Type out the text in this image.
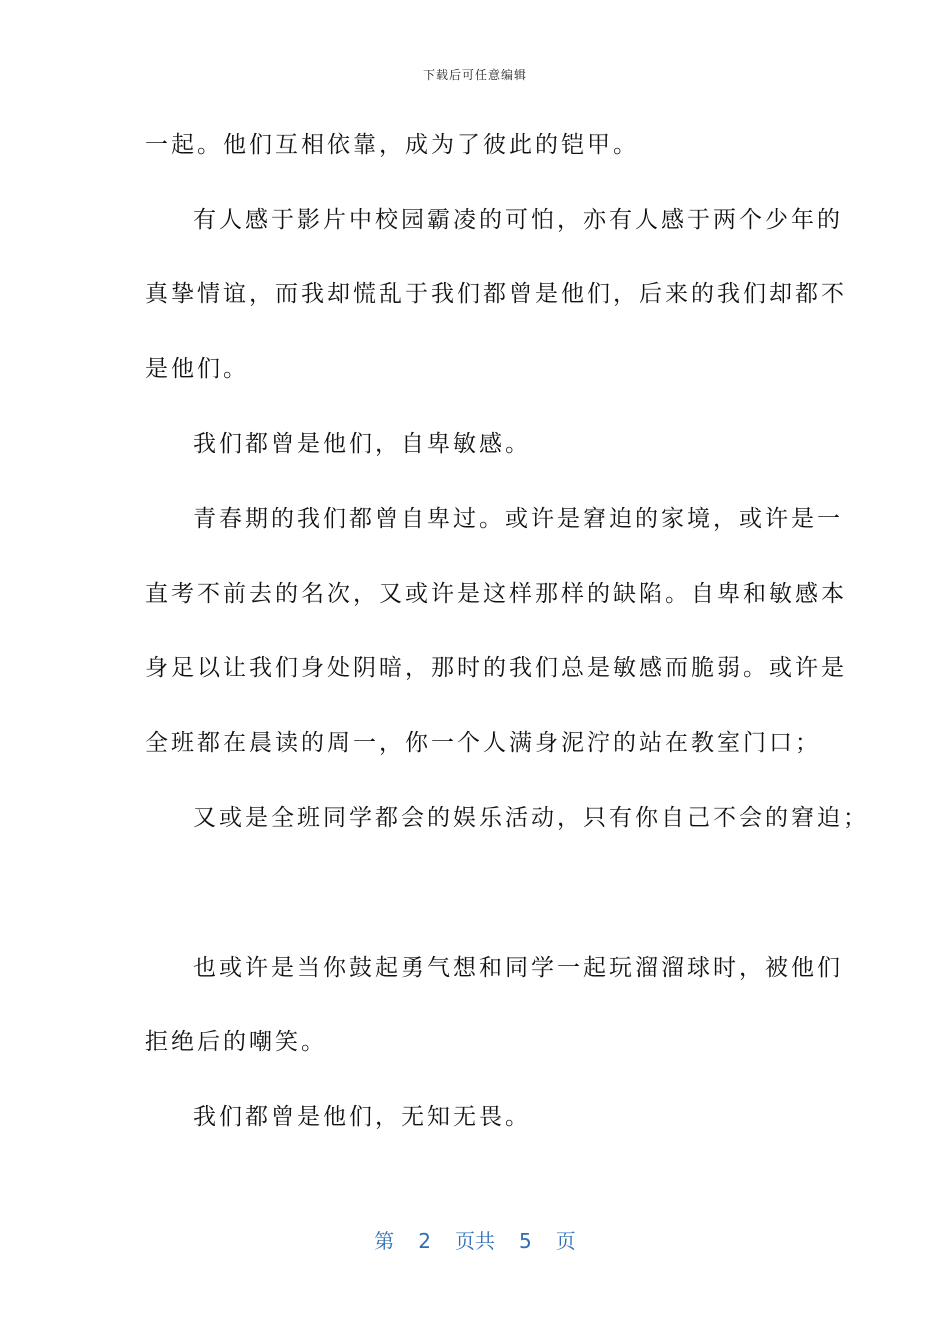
下载后可任意编辑
一起。他们互相依靠，成为了彼此的铠甲。
有人感于影片中校园霸凌的可怕，亦有人感于两个少年的
真挚情谊，而我却慌乱于我们都曾是他们，后来的我们却都不
是他们。
我们都曾是他们，自卑敏感。
青春期的我们都曾自卑过。或许是窘迫的家境，或许是一
直考不前去的名次，又或许是这样那样的缺陷。自卑和敏感本
身足以让我们身处阴暗，那时的我们总是敏感而脆弱。或许是
全班都在晨读的周一，你一个人满身泥泞的站在教室门口；
又或是全班同学都会的娱乐活动，只有你自己不会的窘迫；
也或许是当你鼓起勇气想和同学一起玩溜溜球时，被他们
拒绝后的嘲笑。
我们都曾是他们，无知无畏。
第 2 页共 5 页
